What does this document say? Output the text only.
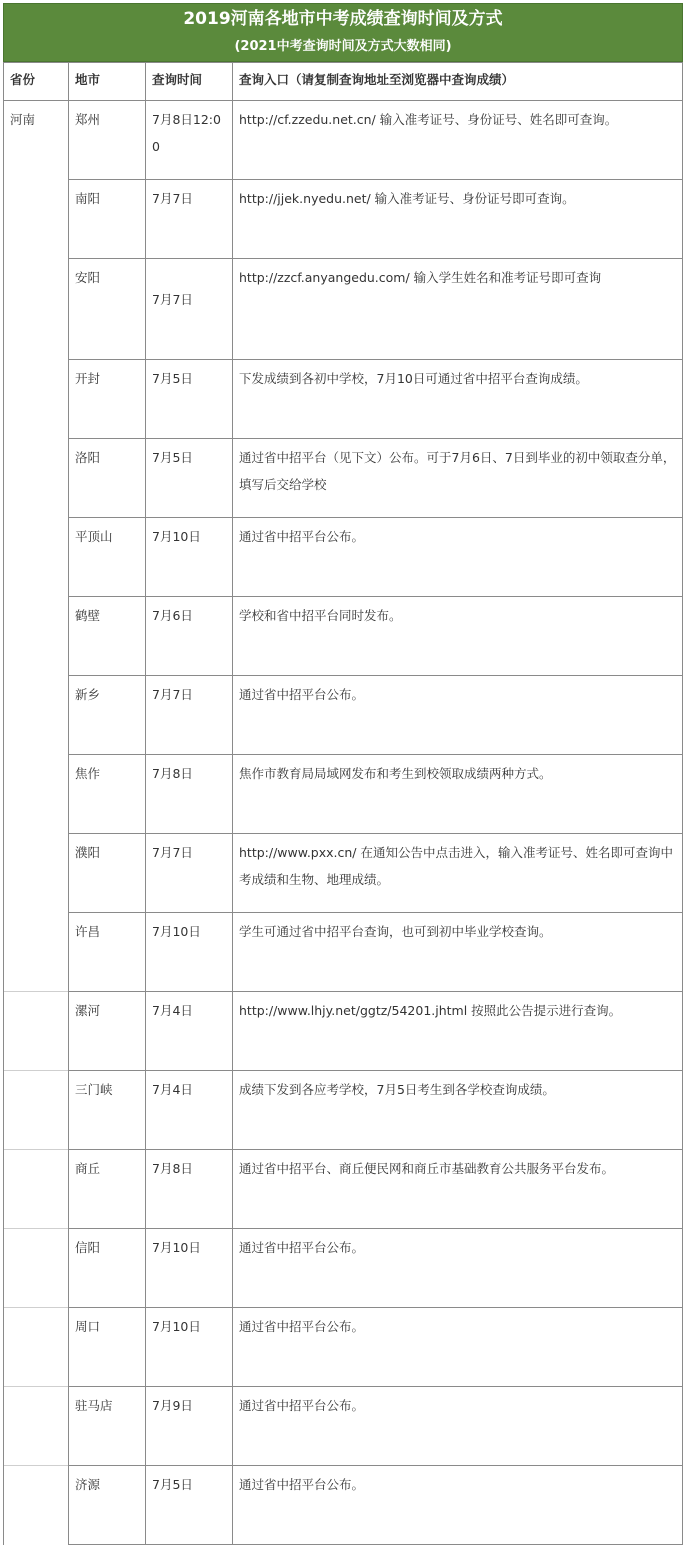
2019河南各地市中考成绩查询时间及方式
(2021中考查询时间及方式大数相同)
省份	地市	查询时间	查询入口（请复制查询地址至浏览器中查询成绩）
河南	郑州	7月8日12:00	http://cf.zzedu.net.cn/ 输入准考证号、身份证号、姓名即可查询。
	南阳	7月7日	http://jjek.nyedu.net/ 输入准考证号、身份证号即可查询。
	安阳	7月7日	http://zzcf.anyangedu.com/ 输入学生姓名和准考证号即可查询
	开封	7月5日	下发成绩到各初中学校，7月10日可通过省中招平台查询成绩。
	洛阳	7月5日	通过省中招平台（见下文）公布。可于7月6日、7日到毕业的初中领取查分单，填写后交给学校
	平顶山	7月10日	通过省中招平台公布。
	鹤壁	7月6日	学校和省中招平台同时发布。
	新乡	7月7日	通过省中招平台公布。
	焦作	7月8日	焦作市教育局局域网发布和考生到校领取成绩两种方式。
	濮阳	7月7日	http://www.pxx.cn/ 在通知公告中点击进入，输入准考证号、姓名即可查询中考成绩和生物、地理成绩。
	许昌	7月10日	学生可通过省中招平台查询，也可到初中毕业学校查询。
	漯河	7月4日	http://www.lhjy.net/ggtz/54201.jhtml 按照此公告提示进行查询。
	三门峡	7月4日	成绩下发到各应考学校，7月5日考生到各学校查询成绩。
	商丘	7月8日	通过省中招平台、商丘便民网和商丘市基础教育公共服务平台发布。
	信阳	7月10日	通过省中招平台公布。
	周口	7月10日	通过省中招平台公布。
	驻马店	7月9日	通过省中招平台公布。
	济源	7月5日	通过省中招平台公布。
